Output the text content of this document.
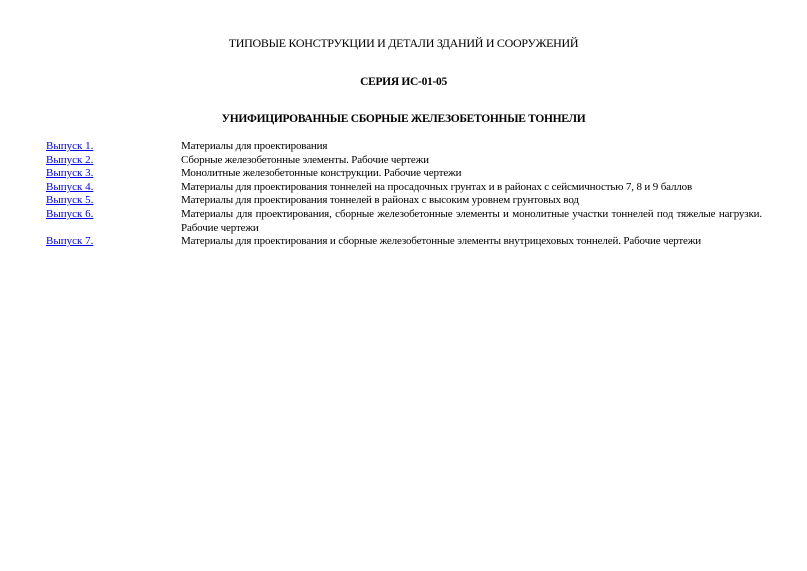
ТИПОВЫЕ КОНСТРУКЦИИ И ДЕТАЛИ ЗДАНИЙ И СООРУЖЕНИЙ
СЕРИЯ ИС-01-05
УНИФИЦИРОВАННЫЕ СБОРНЫЕ ЖЕЛЕЗОБЕТОННЫЕ ТОННЕЛИ
Выпуск 1.	Материалы для проектирования
Выпуск 2.	Сборные железобетонные элементы. Рабочие чертежи
Выпуск 3.	Монолитные железобетонные конструкции. Рабочие чертежи
Выпуск 4.	Материалы для проектирования тоннелей на просадочных грунтах и в районах с сейсмичностью 7, 8 и 9 баллов
Выпуск 5.	Материалы для проектирования тоннелей в районах с высоким уровнем грунтовых вод
Выпуск 6.	Материалы для проектирования, сборные железобетонные элементы и монолитные участки тоннелей под тяжелые нагрузки. Рабочие чертежи
Выпуск 7.	Материалы для проектирования и сборные железобетонные элементы внутрицеховых тоннелей. Рабочие чертежи
